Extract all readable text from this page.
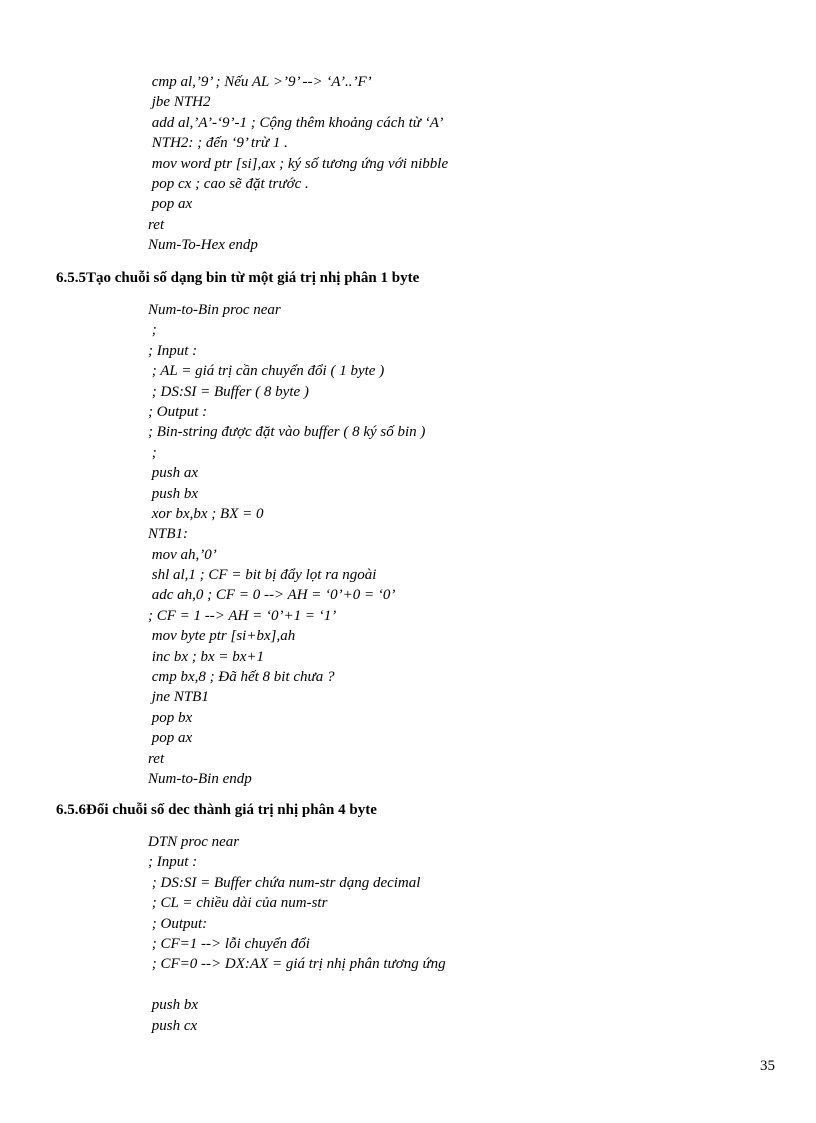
cmp al,’9’ ; Nếu AL >’9’ --> ‘A’..’F’
jbe NTH2
add al,’A’-‘9’-1 ; Cộng thêm khoảng cách từ ‘A’
NTH2: ; đến ‘9’ trừ 1 .
mov word ptr [si],ax ; ký số tương ứng với nibble
pop cx ; cao sẽ đặt trước .
pop ax
ret
Num-To-Hex endp
6.5.5Tạo chuỗi số dạng bin từ một giá trị nhị phân 1 byte
Num-to-Bin proc near
;
; Input :
; AL = giá trị cần chuyển đổi ( 1 byte )
; DS:SI = Buffer ( 8 byte )
; Output :
; Bin-string được đặt vào buffer ( 8 ký số bin )
;
push ax
push bx
xor bx,bx ; BX = 0
NTB1:
mov ah,’0’
shl al,1 ; CF = bit bị đẩy lọt ra ngoài
adc ah,0 ; CF = 0 --> AH = ‘0’+0 = ‘0’
; CF = 1 --> AH = ‘0’+1 = ‘1’
mov byte ptr [si+bx],ah
inc bx ; bx = bx+1
cmp bx,8 ; Đã hết 8 bit chưa ?
jne NTB1
pop bx
pop ax
ret
Num-to-Bin endp
6.5.6Đổi chuỗi số dec thành giá trị nhị phân 4 byte
DTN proc near
; Input :
; DS:SI = Buffer chứa num-str dạng decimal
; CL = chiều dài của num-str
; Output:
; CF=1 --> lỗi chuyển đổi
; CF=0 --> DX:AX = giá trị nhị phân tương ứng
push bx
push cx
35
